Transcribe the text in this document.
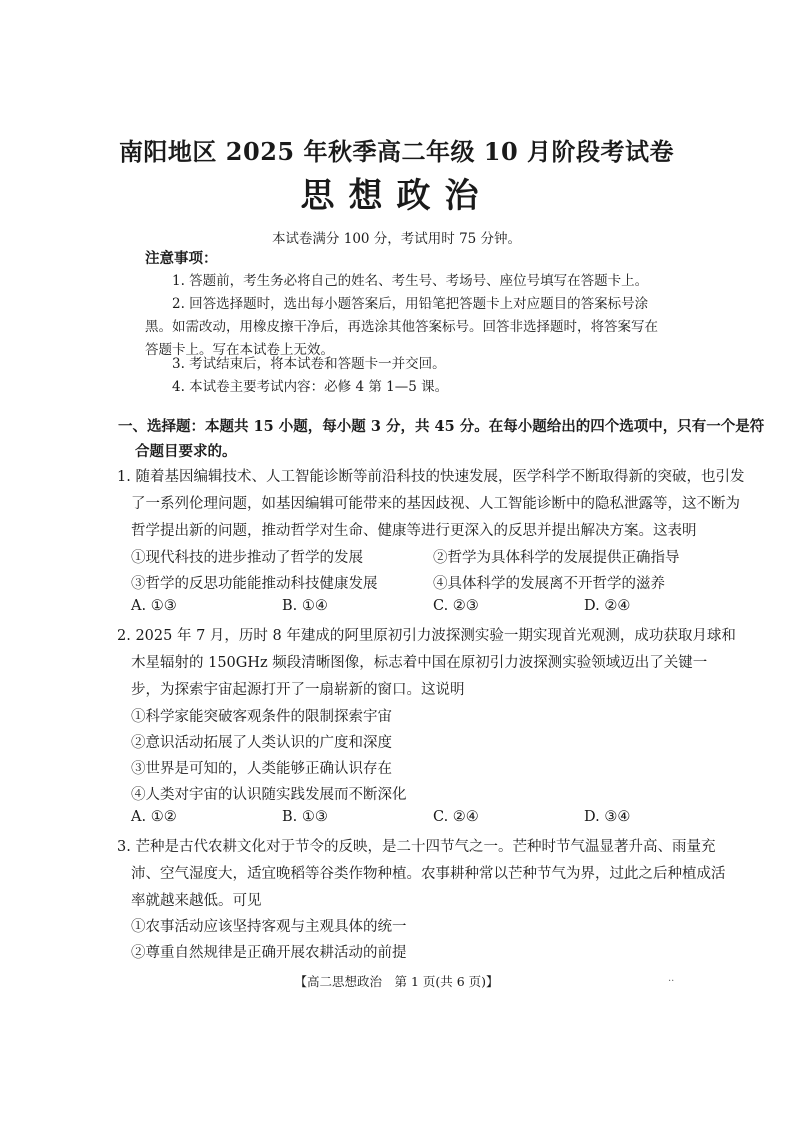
南阳地区 2025 年秋季高二年级 10 月阶段考试卷
思想政治
本试卷满分 100 分，考试用时 75 分钟。
注意事项：
1. 答题前，考生务必将自己的姓名、考生号、考场号、座位号填写在答题卡上。
2. 回答选择题时，选出每小题答案后，用铅笔把答题卡上对应题目的答案标号涂
黑。如需改动，用橡皮擦干净后，再选涂其他答案标号。回答非选择题时，将答案写在
答题卡上。写在本试卷上无效。
3. 考试结束后，将本试卷和答题卡一并交回。
4. 本试卷主要考试内容：必修 4 第 1—5 课。
一、选择题：本题共 15 小题，每小题 3 分，共 45 分。在每小题给出的四个选项中，只有一个是符
合题目要求的。
1. 随着基因编辑技术、人工智能诊断等前沿科技的快速发展，医学科学不断取得新的突破，也引发
了一系列伦理问题，如基因编辑可能带来的基因歧视、人工智能诊断中的隐私泄露等，这不断为
哲学提出新的问题，推动哲学对生命、健康等进行更深入的反思并提出解决方案。这表明
①现代科技的进步推动了哲学的发展	②哲学为具体科学的发展提供正确指导
③哲学的反思功能能推动科技健康发展	④具体科学的发展离不开哲学的滋养
A. ①③	B. ①④	C. ②③	D. ②④
2. 2025 年 7 月，历时 8 年建成的阿里原初引力波探测实验一期实现首光观测，成功获取月球和
木星辐射的 150GHz 频段清晰图像，标志着中国在原初引力波探测实验领域迈出了关键一
步，为探索宇宙起源打开了一扇崭新的窗口。这说明
①科学家能突破客观条件的限制探索宇宙
②意识活动拓展了人类认识的广度和深度
③世界是可知的，人类能够正确认识存在
④人类对宇宙的认识随实践发展而不断深化
A. ①②	B. ①③	C. ②④	D. ③④
3. 芒种是古代农耕文化对于节令的反映，是二十四节气之一。芒种时节气温显著升高、雨量充
沛、空气湿度大，适宜晚稻等谷类作物种植。农事耕种常以芒种节气为界，过此之后种植成活
率就越来越低。可见
①农事活动应该坚持客观与主观具体的统一
②尊重自然规律是正确开展农耕活动的前提
【高二思想政治　第 1 页(共 6 页)】	··
